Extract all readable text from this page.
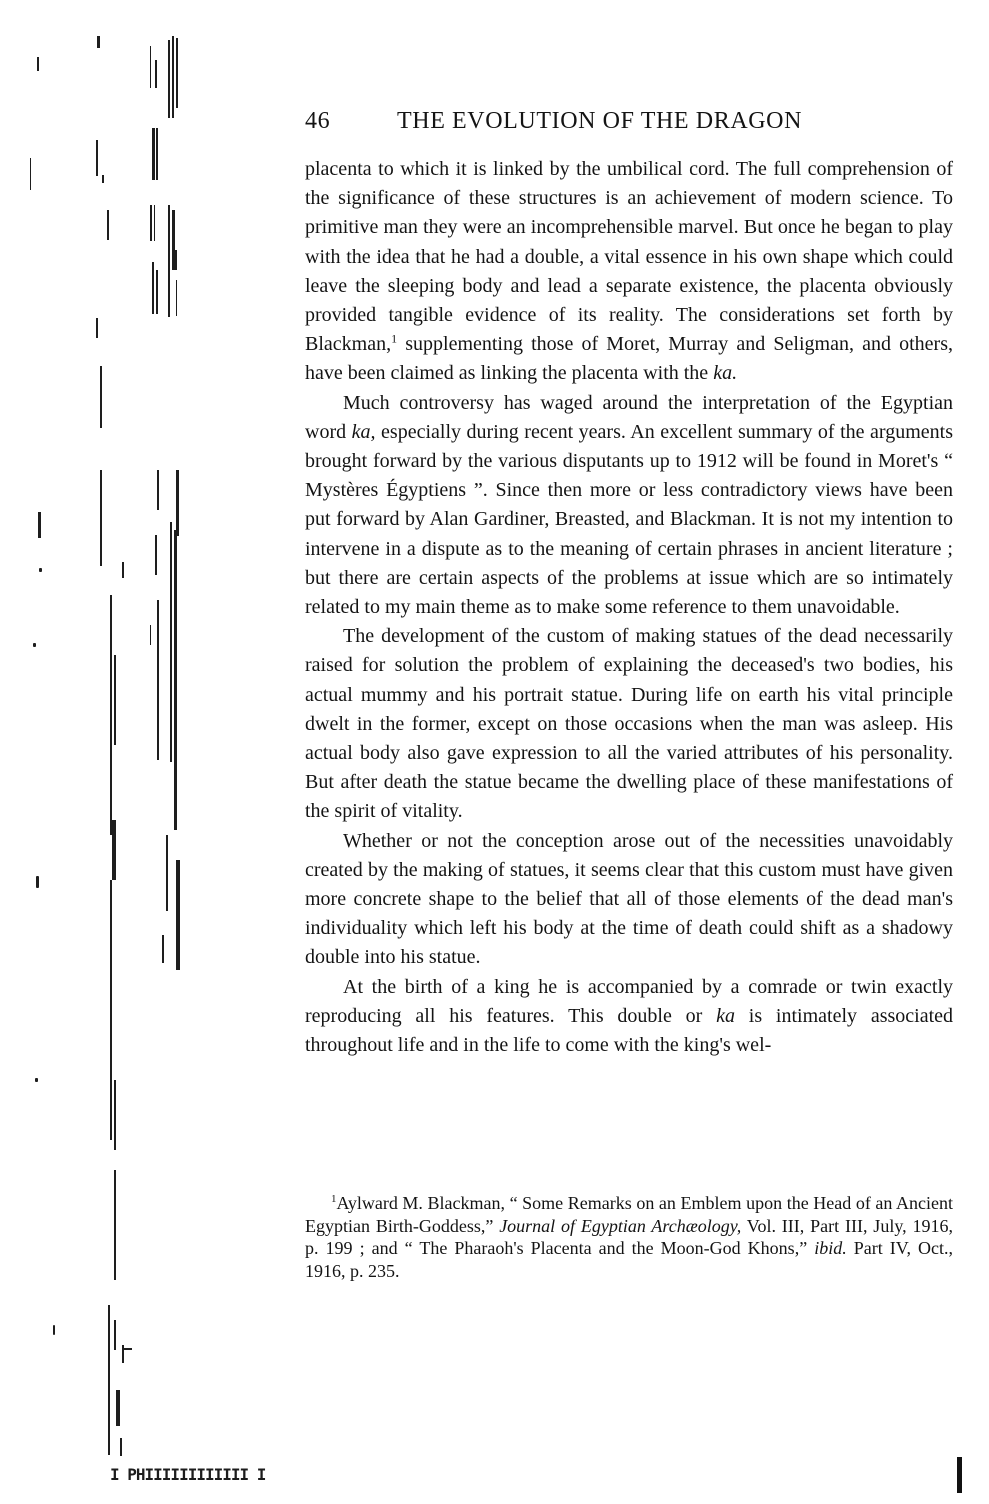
46	THE EVOLUTION OF THE DRAGON

placenta to which it is linked by the umbilical cord. The full comprehension of the significance of these structures is an achievement of modern science. To primitive man they were an incomprehensible marvel. But once he began to play with the idea that he had a double, a vital essence in his own shape which could leave the sleeping body and lead a separate existence, the placenta obviously provided tangible evidence of its reality. The considerations set forth by Blackman,$^1$ supplementing those of Moret, Murray and Seligman, and others, have been claimed as linking the placenta with the ka.

Much controversy has waged around the interpretation of the Egyptian word ka, especially during recent years. An excellent summary of the arguments brought forward by the various disputants up to 1912 will be found in Moret's “ Mystères Égyptiens ”. Since then more or less contradictory views have been put forward by Alan Gardiner, Breasted, and Blackman. It is not my intention to intervene in a dispute as to the meaning of certain phrases in ancient literature ; but there are certain aspects of the problems at issue which are so intimately related to my main theme as to make some reference to them unavoidable.

The development of the custom of making statues of the dead necessarily raised for solution the problem of explaining the deceased's two bodies, his actual mummy and his portrait statue. During life on earth his vital principle dwelt in the former, except on those occasions when the man was asleep. His actual body also gave expression to all the varied attributes of his personality. But after death the statue became the dwelling place of these manifestations of the spirit of vitality.

Whether or not the conception arose out of the necessities unavoidably created by the making of statues, it seems clear that this custom must have given more concrete shape to the belief that all of those elements of the dead man's individuality which left his body at the time of death could shift as a shadowy double into his statue.

At the birth of a king he is accompanied by a comrade or twin exactly reproducing all his features. This double or ka is intimately associated throughout life and in the life to come with the king's wel-

$^1$Aylward M. Blackman, “ Some Remarks on an Emblem upon the Head of an Ancient Egyptian Birth-Goddess,” Journal of Egyptian Archæology, Vol. III, Part III, July, 1916, p. 199 ; and “ The Pharaoh's Placenta and the Moon-God Khons,” ibid. Part IV, Oct., 1916, p. 235.
I PHIIIIIIIIIIII I
